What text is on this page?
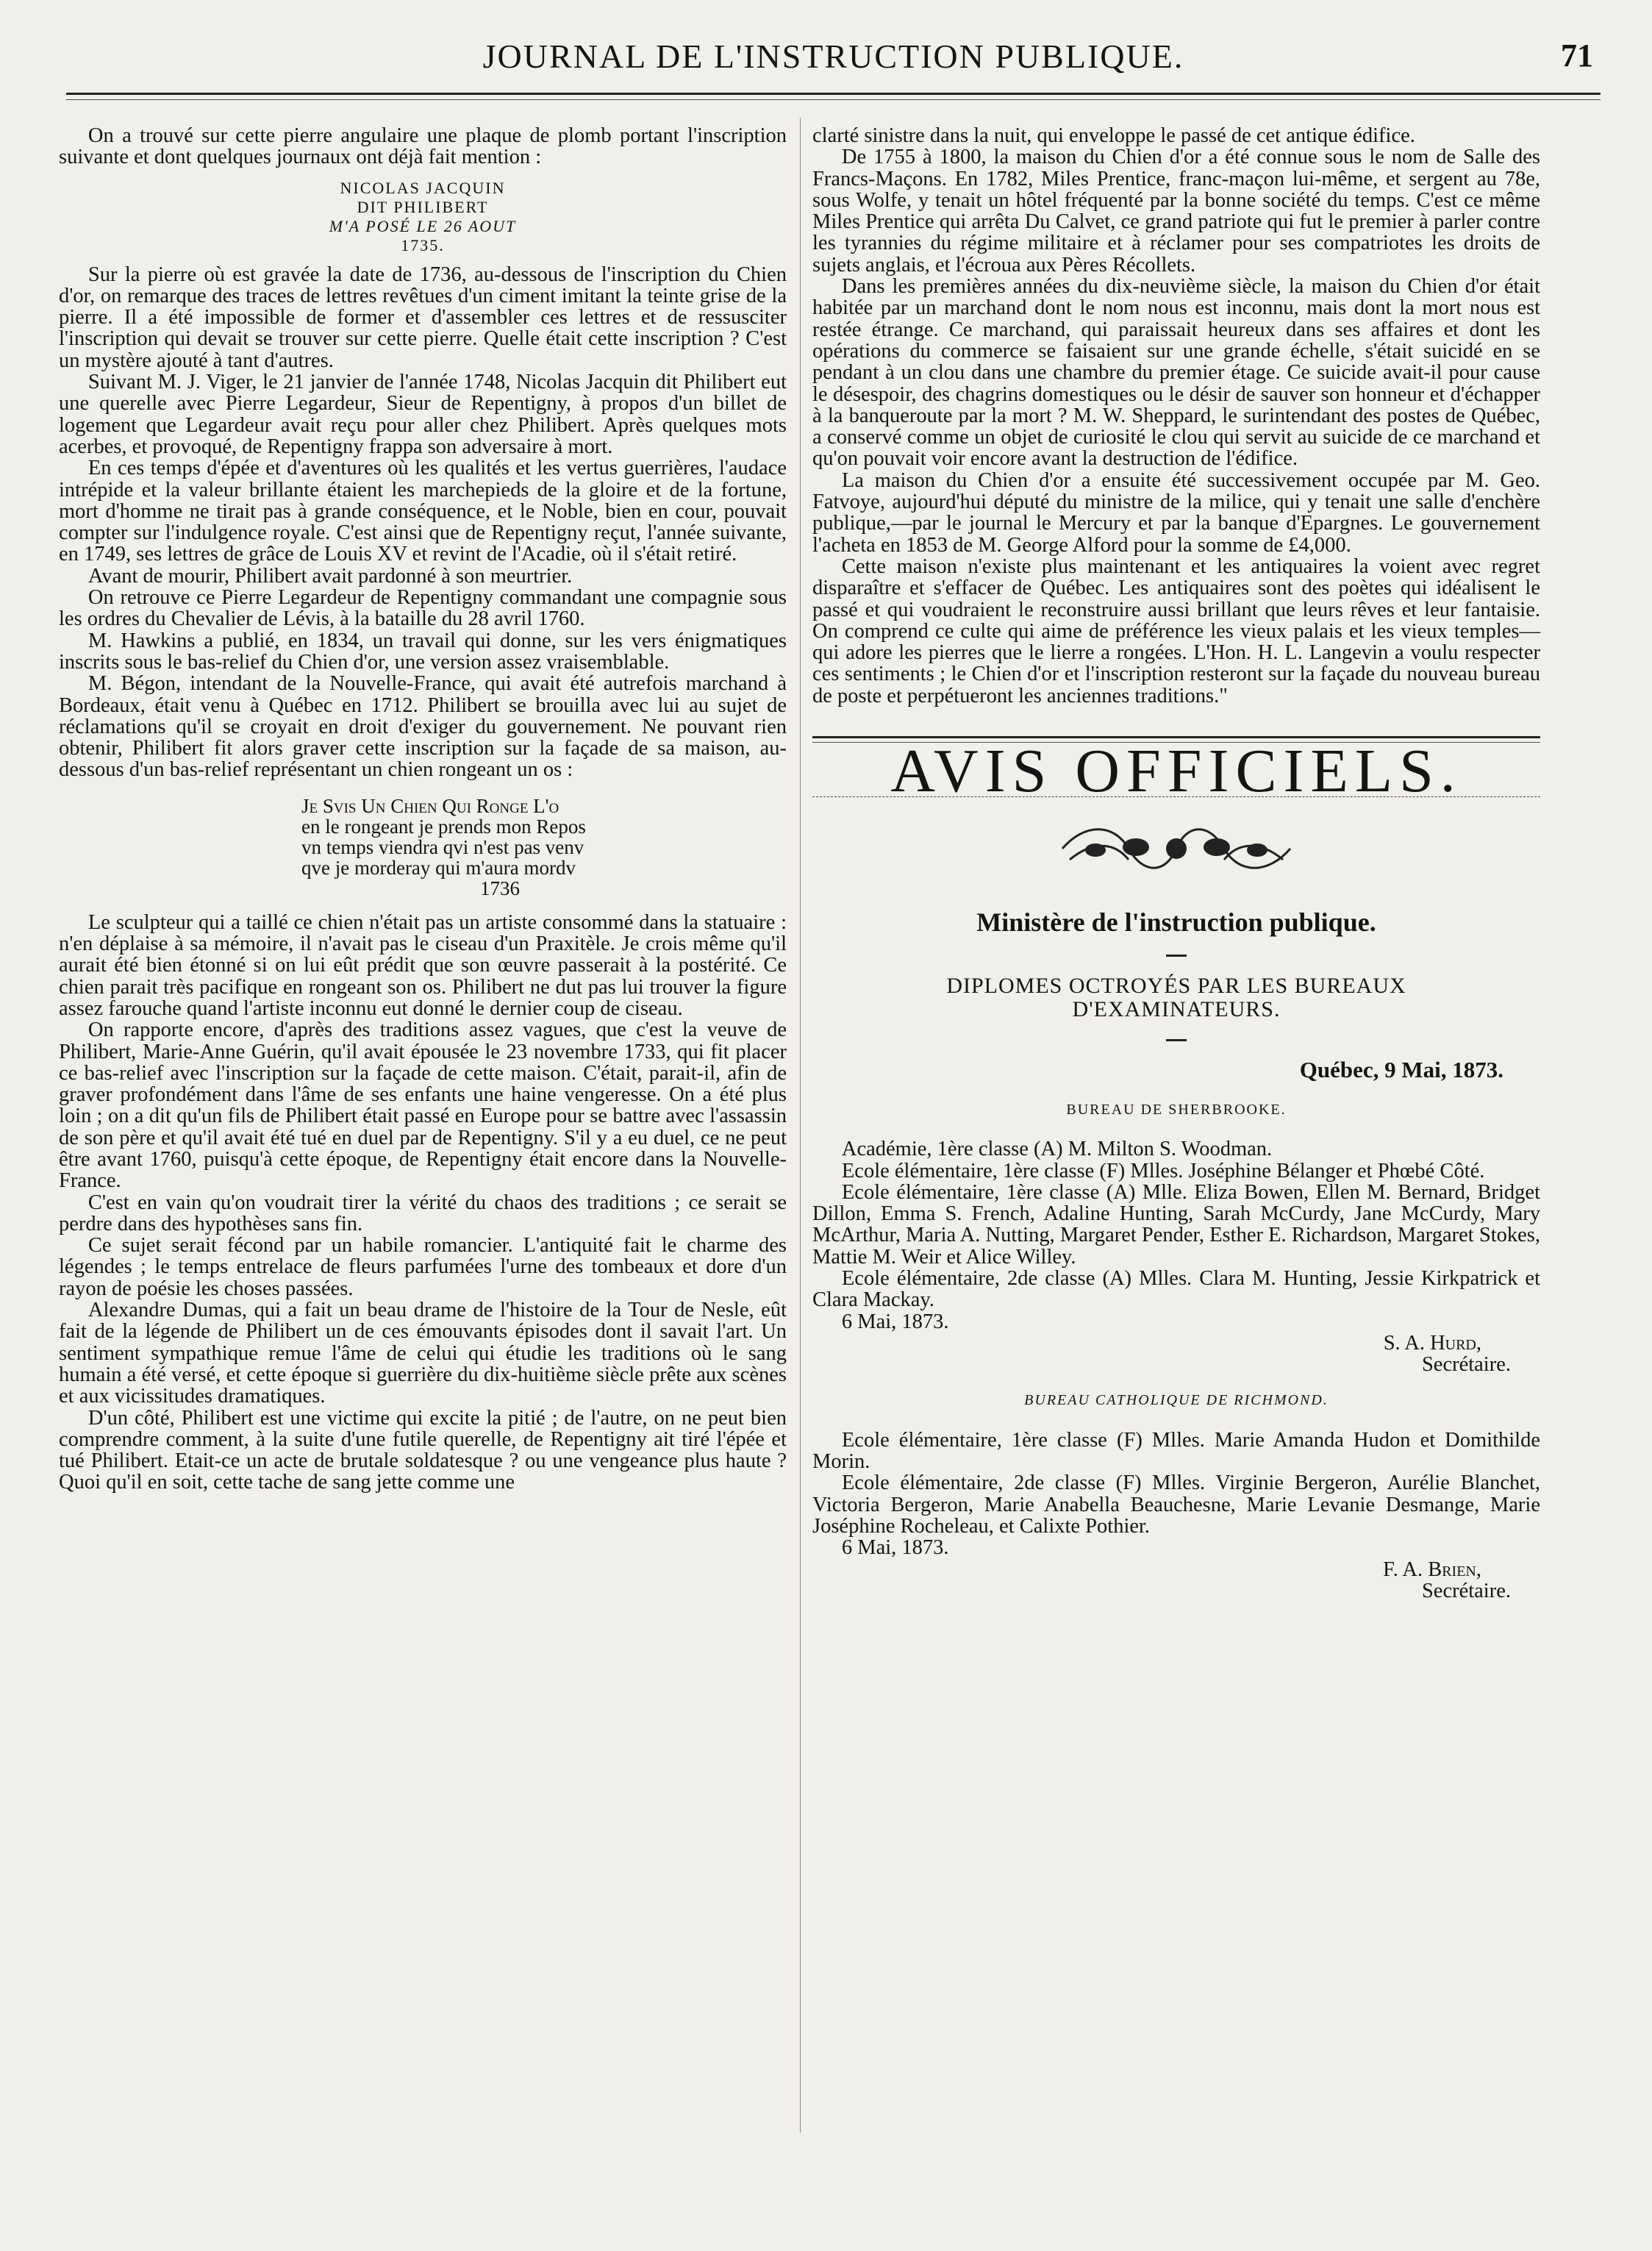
JOURNAL DE L'INSTRUCTION PUBLIQUE.	71

On a trouvé sur cette pierre angulaire une plaque de plomb portant l'inscription suivante et dont quelques journaux ont déjà fait mention :

NICOLAS JACQUIN
DIT PHILIBERT
M'A POSÉ LE 26 AOUT
1735.

Sur la pierre où est gravée la date de 1736, au-dessous de l'inscription du Chien d'or, on remarque des traces de lettres revêtues d'un ciment imitant la teinte grise de la pierre. Il a été impossible de former et d'assembler ces lettres et de ressusciter l'inscription qui devait se trouver sur cette pierre. Quelle était cette inscription ? C'est un mystère ajouté à tant d'autres.

Suivant M. J. Viger, le 21 janvier de l'année 1748, Nicolas Jacquin dit Philibert eut une querelle avec Pierre Legardeur, Sieur de Repentigny, à propos d'un billet de logement que Legardeur avait reçu pour aller chez Philibert. Après quelques mots acerbes, et provoqué, de Repentigny frappa son adversaire à mort.

En ces temps d'épée et d'aventures où les qualités et les vertus guerrières, l'audace intrépide et la valeur brillante étaient les marchepieds de la gloire et de la fortune, mort d'homme ne tirait pas à grande conséquence, et le Noble, bien en cour, pouvait compter sur l'indulgence royale. C'est ainsi que de Repentigny reçut, l'année suivante, en 1749, ses lettres de grâce de Louis XV et revint de l'Acadie, où il s'était retiré.

Avant de mourir, Philibert avait pardonné à son meurtrier.

On retrouve ce Pierre Legardeur de Repentigny commandant une compagnie sous les ordres du Chevalier de Lévis, à la bataille du 28 avril 1760.

M. Hawkins a publié, en 1834, un travail qui donne, sur les vers énigmatiques inscrits sous le bas-relief du Chien d'or, une version assez vraisemblable.

M. Bégon, intendant de la Nouvelle-France, qui avait été autrefois marchand à Bordeaux, était venu à Québec en 1712. Philibert se brouilla avec lui au sujet de réclamations qu'il se croyait en droit d'exiger du gouvernement. Ne pouvant rien obtenir, Philibert fit alors graver cette inscription sur la façade de sa maison, au-dessous d'un bas-relief représentant un chien rongeant un os :

Je Svis Un Chien Qui Ronge L'o
en le rongeant je prends mon Repos
vn temps viendra qvi n'est pas venv
qve je morderay qui m'aura mordv
1736

Le sculpteur qui a taillé ce chien n'était pas un artiste consommé dans la statuaire : n'en déplaise à sa mémoire, il n'avait pas le ciseau d'un Praxitèle. Je crois même qu'il aurait été bien étonné si on lui eût prédit que son œuvre passerait à la postérité. Ce chien parait très pacifique en rongeant son os. Philibert ne dut pas lui trouver la figure assez farouche quand l'artiste inconnu eut donné le dernier coup de ciseau.

On rapporte encore, d'après des traditions assez vagues, que c'est la veuve de Philibert, Marie-Anne Guérin, qu'il avait épousée le 23 novembre 1733, qui fit placer ce bas-relief avec l'inscription sur la façade de cette maison. C'était, parait-il, afin de graver profondément dans l'âme de ses enfants une haine vengeresse. On a été plus loin ; on a dit qu'un fils de Philibert était passé en Europe pour se battre avec l'assassin de son père et qu'il avait été tué en duel par de Repentigny. S'il y a eu duel, ce ne peut être avant 1760, puisqu'à cette époque, de Repentigny était encore dans la Nouvelle-France.

C'est en vain qu'on voudrait tirer la vérité du chaos des traditions ; ce serait se perdre dans des hypothèses sans fin.

Ce sujet serait fécond par un habile romancier. L'antiquité fait le charme des légendes ; le temps entrelace de fleurs parfumées l'urne des tombeaux et dore d'un rayon de poésie les choses passées.

Alexandre Dumas, qui a fait un beau drame de l'histoire de la Tour de Nesle, eût fait de la légende de Philibert un de ces émouvants épisodes dont il savait l'art. Un sentiment sympathique remue l'âme de celui qui étudie les traditions où le sang humain a été versé, et cette époque si guerrière du dix-huitième siècle prête aux scènes et aux vicissitudes dramatiques.

D'un côté, Philibert est une victime qui excite la pitié ; de l'autre, on ne peut bien comprendre comment, à la suite d'une futile querelle, de Repentigny ait tiré l'épée et tué Philibert. Etait-ce un acte de brutale soldatesque ? ou une vengeance plus haute ? Quoi qu'il en soit, cette tache de sang jette comme une

clarté sinistre dans la nuit, qui enveloppe le passé de cet antique édifice.

De 1755 à 1800, la maison du Chien d'or a été connue sous le nom de Salle des Francs-Maçons. En 1782, Miles Prentice, franc-maçon lui-même, et sergent au 78e, sous Wolfe, y tenait un hôtel fréquenté par la bonne société du temps. C'est ce même Miles Prentice qui arrêta Du Calvet, ce grand patriote qui fut le premier à parler contre les tyrannies du régime militaire et à réclamer pour ses compatriotes les droits de sujets anglais, et l'écroua aux Pères Récollets.

Dans les premières années du dix-neuvième siècle, la maison du Chien d'or était habitée par un marchand dont le nom nous est inconnu, mais dont la mort nous est restée étrange. Ce marchand, qui paraissait heureux dans ses affaires et dont les opérations du commerce se faisaient sur une grande échelle, s'était suicidé en se pendant à un clou dans une chambre du premier étage. Ce suicide avait-il pour cause le désespoir, des chagrins domestiques ou le désir de sauver son honneur et d'échapper à la banqueroute par la mort ? M. W. Sheppard, le surintendant des postes de Québec, a conservé comme un objet de curiosité le clou qui servit au suicide de ce marchand et qu'on pouvait voir encore avant la destruction de l'édifice.

La maison du Chien d'or a ensuite été successivement occupée par M. Geo. Fatvoye, aujourd'hui député du ministre de la milice, qui y tenait une salle d'enchère publique,—par le journal le Mercury et par la banque d'Epargnes. Le gouvernement l'acheta en 1853 de M. George Alford pour la somme de £4,000.

Cette maison n'existe plus maintenant et les antiquaires la voient avec regret disparaître et s'effacer de Québec. Les antiquaires sont des poètes qui idéalisent le passé et qui voudraient le reconstruire aussi brillant que leurs rêves et leur fantaisie. On comprend ce culte qui aime de préférence les vieux palais et les vieux temples—qui adore les pierres que le lierre a rongées. L'Hon. H. L. Langevin a voulu respecter ces sentiments ; le Chien d'or et l'inscription resteront sur la façade du nouveau bureau de poste et perpétueront les anciennes traditions."

AVIS OFFICIELS.
Ministère de l'instruction publique.
DIPLOMES OCTROYÉS PAR LES BUREAUX D'EXAMINATEURS.
Québec, 9 Mai, 1873.
BUREAU DE SHERBROOKE.

Académie, 1ère classe (A) M. Milton S. Woodman.

Ecole élémentaire, 1ère classe (F) Mlles. Joséphine Bélanger et Phœbé Côté.

Ecole élémentaire, 1ère classe (A) Mlle. Eliza Bowen, Ellen M. Bernard, Bridget Dillon, Emma S. French, Adaline Hunting, Sarah McCurdy, Jane McCurdy, Mary McArthur, Maria A. Nutting, Margaret Pender, Esther E. Richardson, Margaret Stokes, Mattie M. Weir et Alice Willey.

Ecole élémentaire, 2de classe (A) Mlles. Clara M. Hunting, Jessie Kirkpatrick et Clara Mackay.

6 Mai, 1873.

S. A. Hurd,
Secrétaire.
BUREAU CATHOLIQUE DE RICHMOND.

Ecole élémentaire, 1ère classe (F) Mlles. Marie Amanda Hudon et Domithilde Morin.

Ecole élémentaire, 2de classe (F) Mlles. Virginie Bergeron, Aurélie Blanchet, Victoria Bergeron, Marie Anabella Beauchesne, Marie Levanie Desmange, Marie Joséphine Rocheleau, et Calixte Pothier.

6 Mai, 1873.

F. A. Brien,
Secrétaire.
